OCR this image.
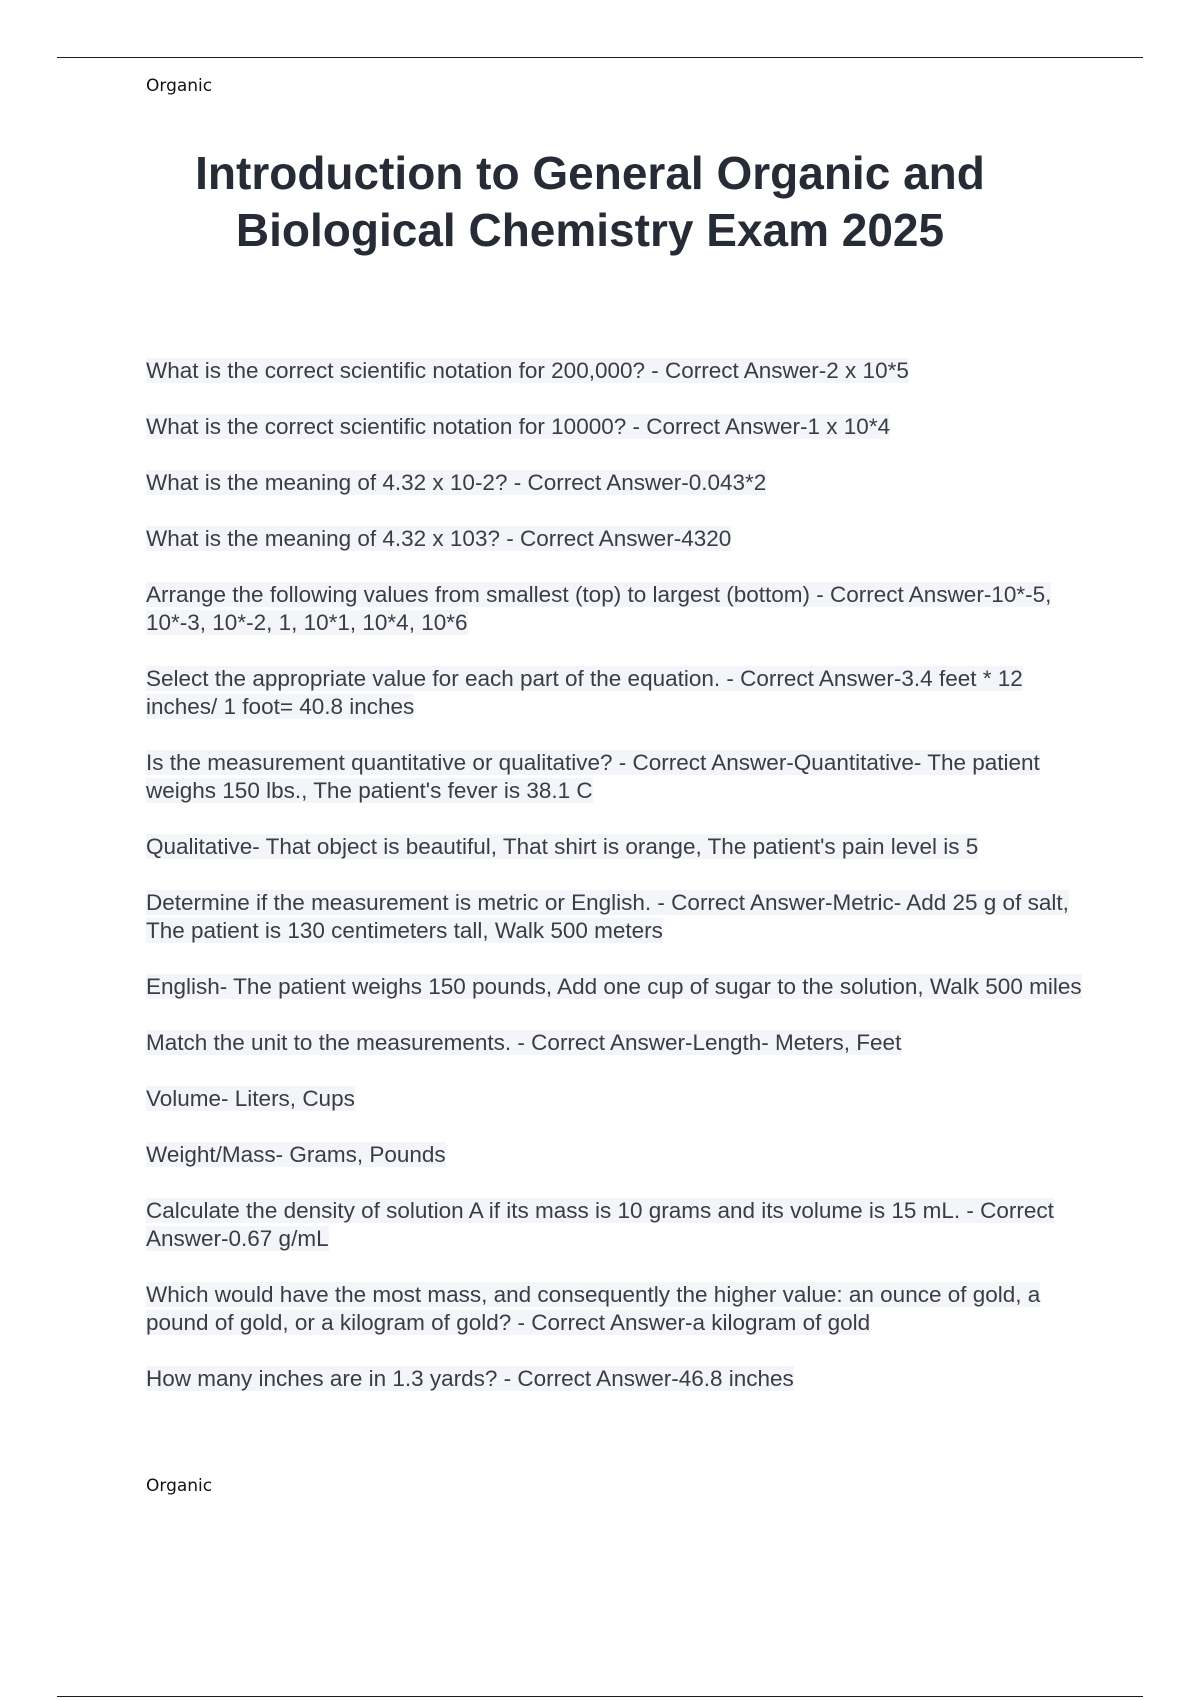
Organic
Introduction to General Organic and Biological Chemistry Exam 2025
What is the correct scientific notation for 200,000? - Correct Answer-2 x 10*5
What is the correct scientific notation for 10000? - Correct Answer-1 x 10*4
What is the meaning of 4.32 x 10-2? - Correct Answer-0.043*2
What is the meaning of 4.32 x 103? - Correct Answer-4320
Arrange the following values from smallest (top) to largest (bottom) - Correct Answer-10*-5, 10*-3, 10*-2, 1, 10*1, 10*4, 10*6
Select the appropriate value for each part of the equation. - Correct Answer-3.4 feet * 12 inches/ 1 foot= 40.8 inches
Is the measurement quantitative or qualitative? - Correct Answer-Quantitative- The patient weighs 150 lbs., The patient's fever is 38.1 C
Qualitative- That object is beautiful, That shirt is orange, The patient's pain level is 5
Determine if the measurement is metric or English. - Correct Answer-Metric- Add 25 g of salt, The patient is 130 centimeters tall, Walk 500 meters
English- The patient weighs 150 pounds, Add one cup of sugar to the solution, Walk 500 miles
Match the unit to the measurements. - Correct Answer-Length- Meters, Feet
Volume- Liters, Cups
Weight/Mass- Grams, Pounds
Calculate the density of solution A if its mass is 10 grams and its volume is 15 mL. - Correct Answer-0.67 g/mL
Which would have the most mass, and consequently the higher value: an ounce of gold, a pound of gold, or a kilogram of gold? - Correct Answer-a kilogram of gold
How many inches are in 1.3 yards? - Correct Answer-46.8 inches
Organic
